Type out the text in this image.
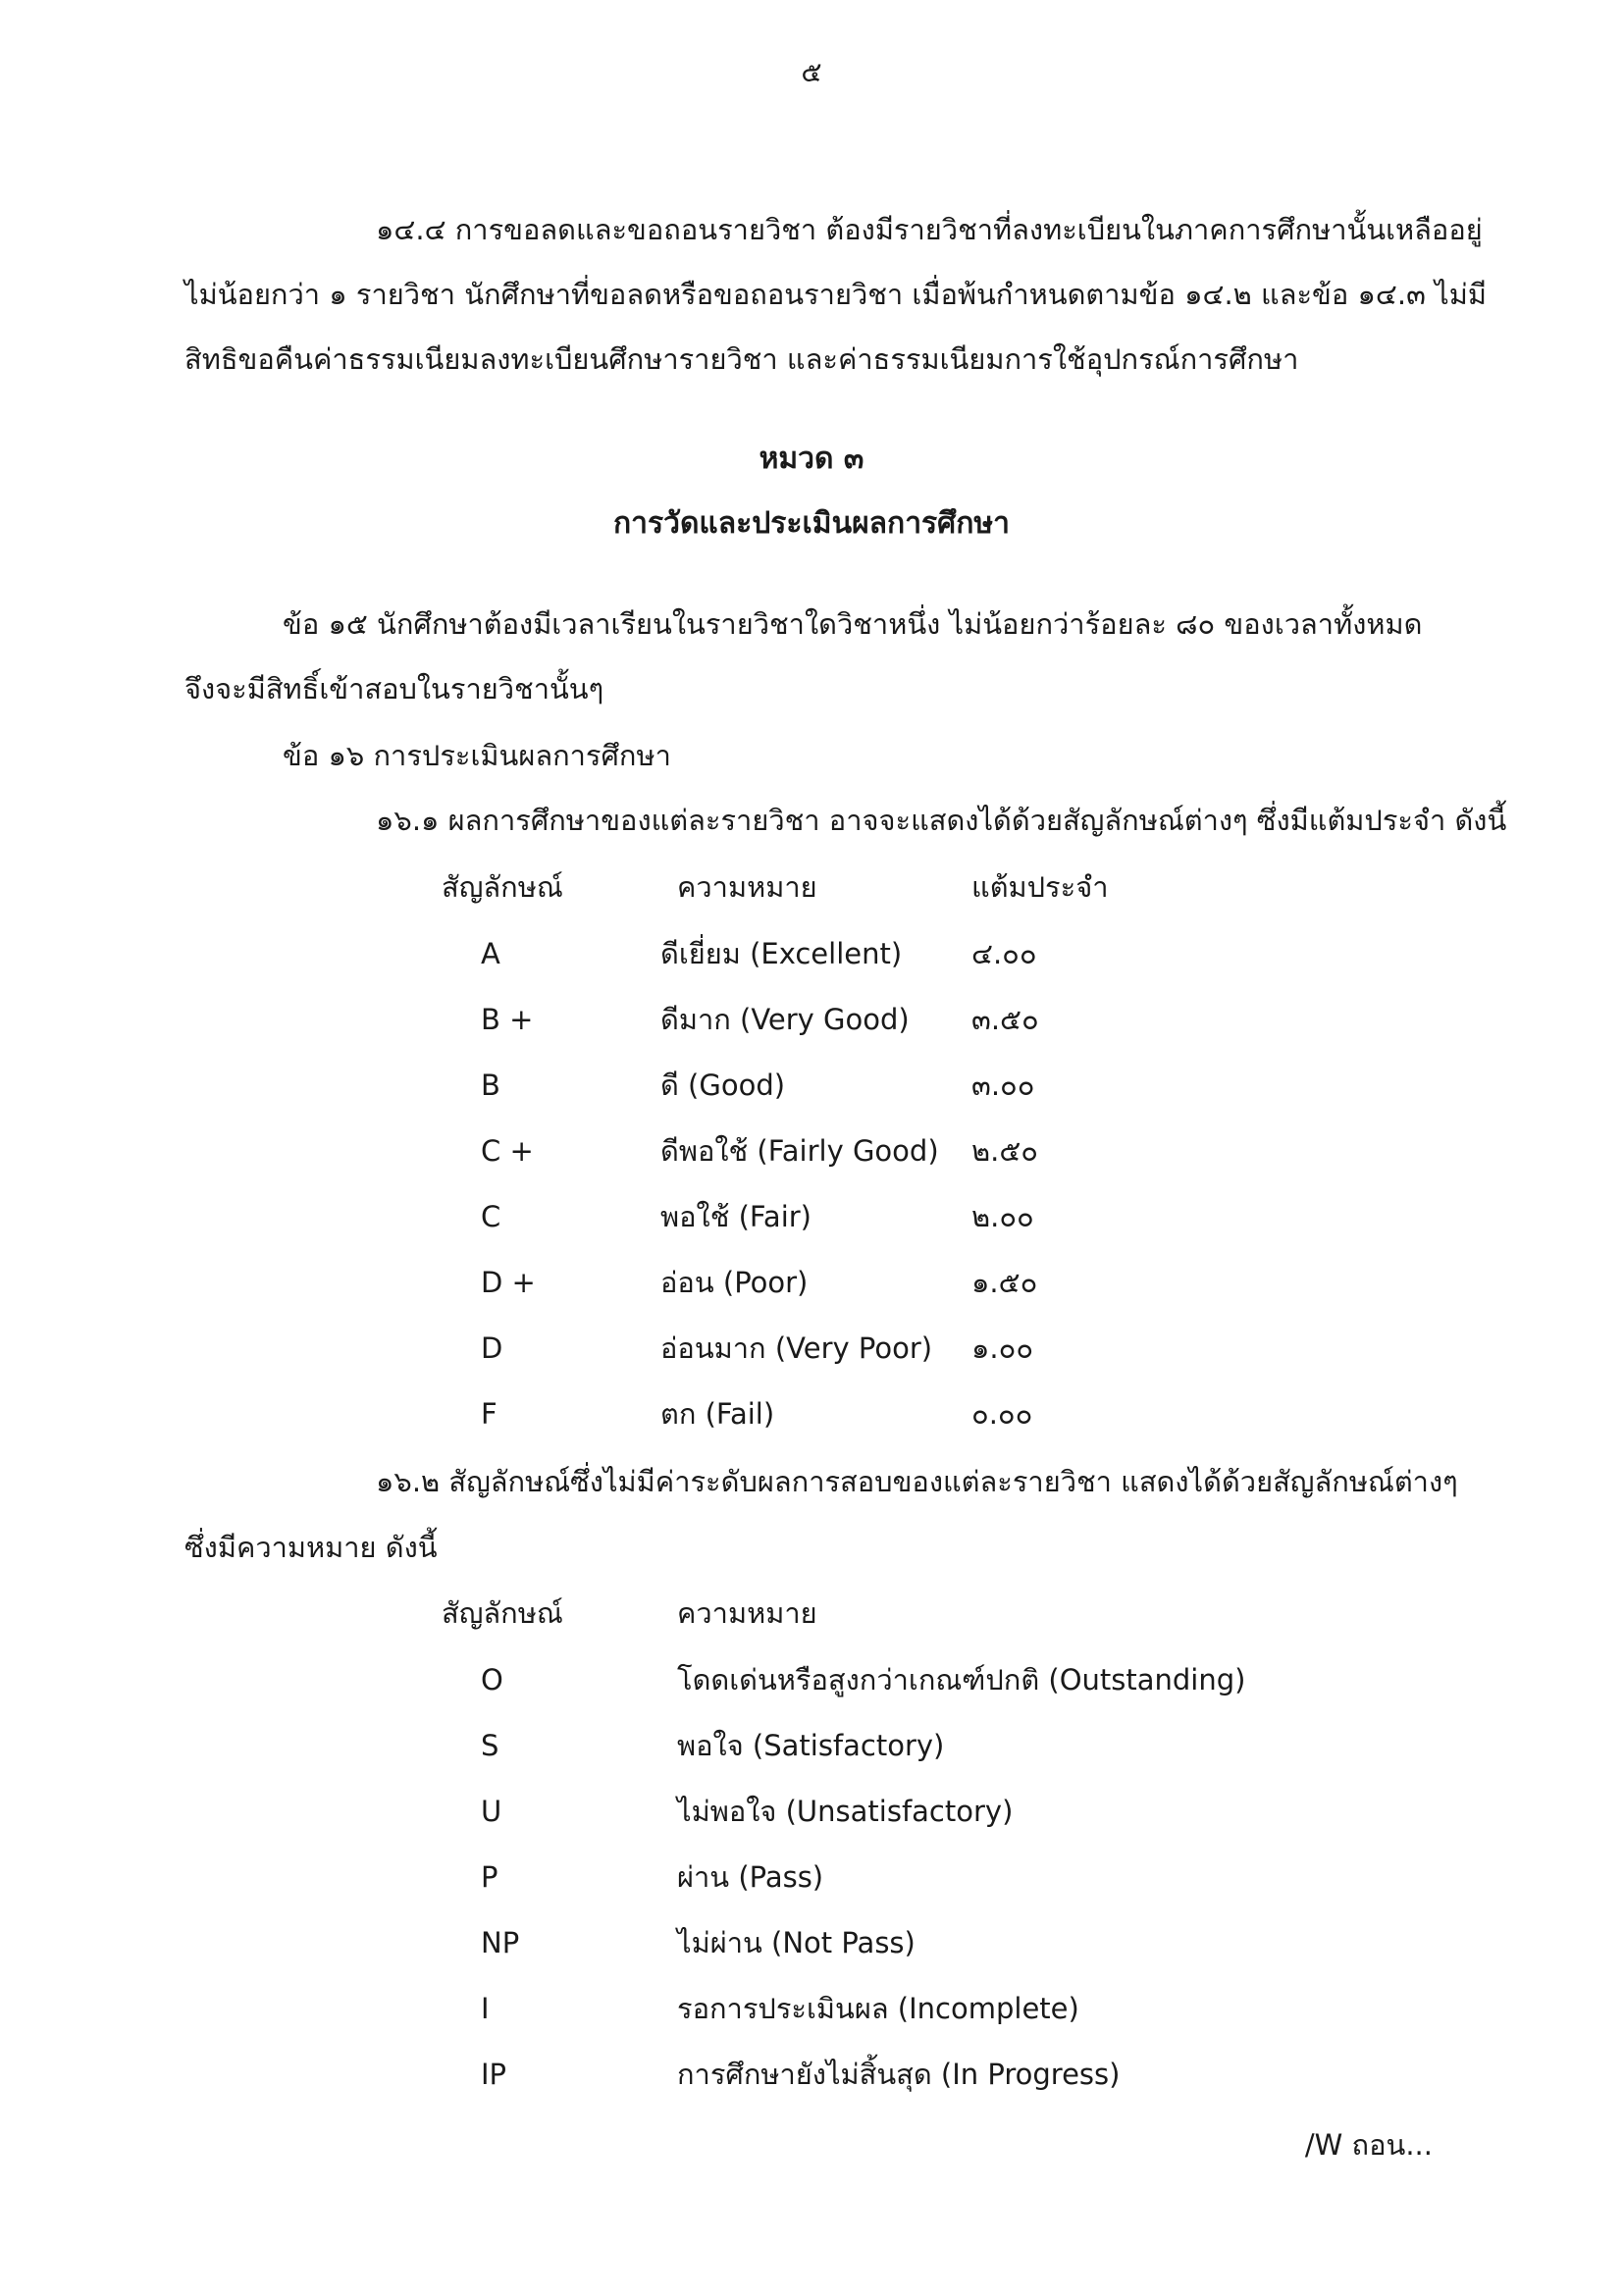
๕
๑๔.๔ การขอลดและขอถอนรายวิชา ต้องมีรายวิชาที่ลงทะเบียนในภาคการศึกษานั้นเหลืออยู่
ไม่น้อยกว่า ๑ รายวิชา นักศึกษาที่ขอลดหรือขอถอนรายวิชา เมื่อพ้นกำหนดตามข้อ ๑๔.๒ และข้อ ๑๔.๓ ไม่มี
สิทธิขอคืนค่าธรรมเนียมลงทะเบียนศึกษารายวิชา และค่าธรรมเนียมการใช้อุปกรณ์การศึกษา
หมวด ๓
การวัดและประเมินผลการศึกษา
ข้อ ๑๕ นักศึกษาต้องมีเวลาเรียนในรายวิชาใดวิชาหนึ่ง ไม่น้อยกว่าร้อยละ ๘๐ ของเวลาทั้งหมด
จึงจะมีสิทธิ์เข้าสอบในรายวิชานั้นๆ
ข้อ ๑๖ การประเมินผลการศึกษา
๑๖.๑ ผลการศึกษาของแต่ละรายวิชา อาจจะแสดงได้ด้วยสัญลักษณ์ต่างๆ ซึ่งมีแต้มประจำ ดังนี้
สัญลักษณ์	ความหมาย	แต้มประจำ
A	ดีเยี่ยม (Excellent) ๔.๐๐
B +	ดีมาก (Very Good) ๓.๕๐
B	ดี (Good)	๓.๐๐
C +	ดีพอใช้ (Fairly Good) ๒.๕๐
C	พอใช้ (Fair)	๒.๐๐
D +	อ่อน (Poor)	๑.๕๐
D	อ่อนมาก (Very Poor) ๑.๐๐
F	ตก (Fail)	๐.๐๐
๑๖.๒ สัญลักษณ์ซึ่งไม่มีค่าระดับผลการสอบของแต่ละรายวิชา แสดงได้ด้วยสัญลักษณ์ต่างๆ
ซึ่งมีความหมาย ดังนี้
สัญลักษณ์	ความหมาย
O	โดดเด่นหรือสูงกว่าเกณฑ์ปกติ (Outstanding)
S	พอใจ (Satisfactory)
U	ไม่พอใจ (Unsatisfactory)
P	ผ่าน (Pass)
NP	ไม่ผ่าน (Not Pass)
I	รอการประเมินผล (Incomplete)
IP	การศึกษายังไม่สิ้นสุด (In Progress)
/W ถอน...
